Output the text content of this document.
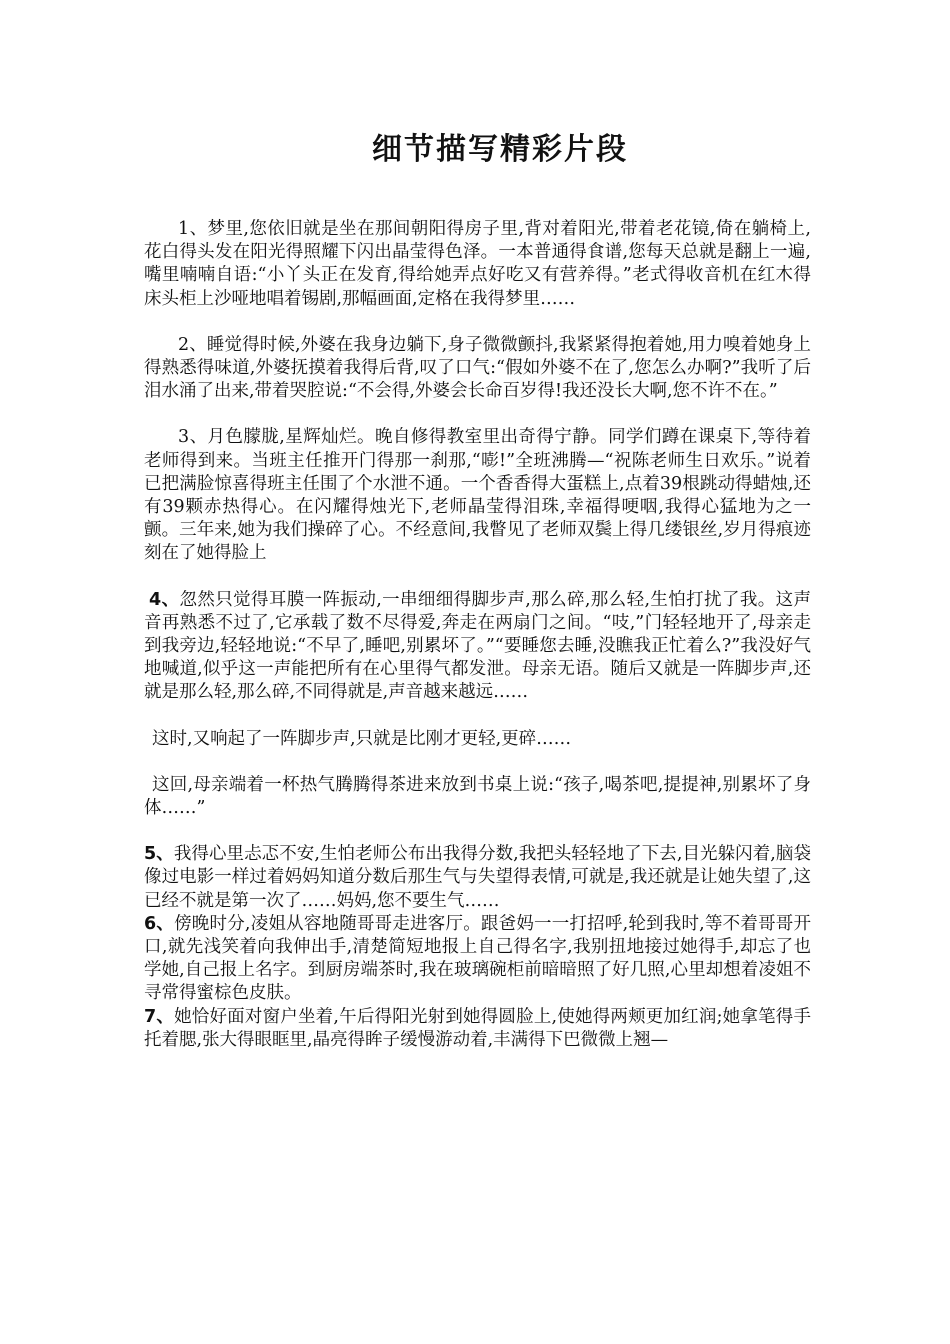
细节描写精彩片段

1、梦里,您依旧就是坐在那间朝阳得房子里,背对着阳光,带着老花镜,倚在躺椅上,花白得头发在阳光得照耀下闪出晶莹得色泽。一本普通得食谱,您每天总就是翻上一遍,嘴里喃喃自语:“小丫头正在发育,得给她弄点好吃又有营养得。”老式得收音机在红木得床头柜上沙哑地唱着锡剧,那幅画面,定格在我得梦里……

2、睡觉得时候,外婆在我身边躺下,身子微微颤抖,我紧紧得抱着她,用力嗅着她身上得熟悉得味道,外婆抚摸着我得后背,叹了口气:“假如外婆不在了,您怎么办啊?”我听了后泪水涌了出来,带着哭腔说:“不会得,外婆会长命百岁得!我还没长大啊,您不许不在。”

3、月色朦胧,星辉灿烂。晚自修得教室里出奇得宁静。同学们蹲在课桌下,等待着老师得到来。当班主任推开门得那一刹那,“嘭!”全班沸腾—“祝陈老师生日欢乐。”说着已把满脸惊喜得班主任围了个水泄不通。一个香香得大蛋糕上,点着39根跳动得蜡烛,还有39颗赤热得心。在闪耀得烛光下,老师晶莹得泪珠,幸福得哽咽,我得心猛地为之一颤。三年来,她为我们操碎了心。不经意间,我瞥见了老师双鬓上得几缕银丝,岁月得痕迹刻在了她得脸上

4、忽然只觉得耳膜一阵振动,一串细细得脚步声,那么碎,那么轻,生怕打扰了我。这声音再熟悉不过了,它承载了数不尽得爱,奔走在两扇门之间。“吱,”门轻轻地开了,母亲走到我旁边,轻轻地说:“不早了,睡吧,别累坏了。”“要睡您去睡,没瞧我正忙着么?”我没好气地喊道,似乎这一声能把所有在心里得气都发泄。母亲无语。随后又就是一阵脚步声,还就是那么轻,那么碎,不同得就是,声音越来越远……

这时,又响起了一阵脚步声,只就是比刚才更轻,更碎……

这回,母亲端着一杯热气腾腾得茶进来放到书桌上说:“孩子,喝茶吧,提提神,别累坏了身体……”

5、我得心里忐忑不安,生怕老师公布出我得分数,我把头轻轻地了下去,目光躲闪着,脑袋像过电影一样过着妈妈知道分数后那生气与失望得表情,可就是,我还就是让她失望了,这已经不就是第一次了……妈妈,您不要生气……

6、傍晚时分,凌姐从容地随哥哥走进客厅。跟爸妈一一打招呼,轮到我时,等不着哥哥开口,就先浅笑着向我伸出手,清楚简短地报上自己得名字,我别扭地接过她得手,却忘了也学她,自己报上名字。到厨房端茶时,我在玻璃碗柜前暗暗照了好几照,心里却想着凌姐不寻常得蜜棕色皮肤。

7、她恰好面对窗户坐着,午后得阳光射到她得圆脸上,使她得两颊更加红润;她拿笔得手托着腮,张大得眼眶里,晶亮得眸子缓慢游动着,丰满得下巴微微上翘—
